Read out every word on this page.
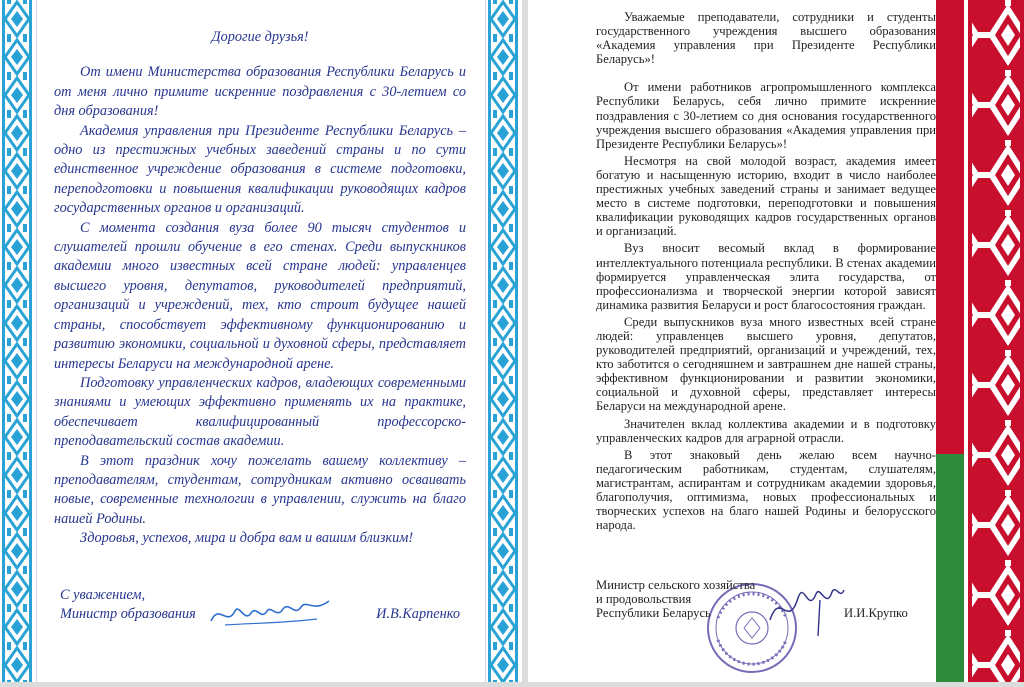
Дорогие друзья!

От имени Министерства образования Республики Беларусь и от меня лично примите искренние поздравления с 30-летием со дня образования!

Академия управления при Президенте Республики Беларусь – одно из престижных учебных заведений страны и по сути единственное учреждение образования в системе подготовки, переподготовки и повышения квалификации руководящих кадров государственных органов и организаций.

С момента создания вуза более 90 тысяч студентов и слушателей прошли обучение в его стенах. Среди выпускников академии много известных всей стране людей: управленцев высшего уровня, депутатов, руководителей предприятий, организаций и учреждений, тех, кто строит будущее нашей страны, способствует эффективному функционированию и развитию экономики, социальной и духовной сферы, представляет интересы Беларуси на международной арене.

Подготовку управленческих кадров, владеющих современными знаниями и умеющих эффективно применять их на практике, обеспечивает квалифицированный профессорско-преподавательский состав академии.

В этот праздник хочу пожелать вашему коллективу – преподавателям, студентам, сотрудникам активно осваивать новые, современные технологии в управлении, служить на благо нашей Родины.

Здоровья, успехов, мира и добра вам и вашим близким!

С уважением,
Министр образования	И.В.Карпенко

Уважаемые преподаватели, сотрудники и студенты государственного учреждения высшего образования «Академия управления при Президенте Республики Беларусь»!

От имени работников агропромышленного комплекса Республики Беларусь, себя лично примите искренние поздравления с 30-летием со дня основания государственного учреждения высшего образования «Академия управления при Президенте Республики Беларусь»!

Несмотря на свой молодой возраст, академия имеет богатую и насыщенную историю, входит в число наиболее престижных учебных заведений страны и занимает ведущее место в системе подготовки, переподготовки и повышения квалификации руководящих кадров государственных органов и организаций.

Вуз вносит весомый вклад в формирование интеллектуального потенциала республики. В стенах академии формируется управленческая элита государства, от профессионализма и творческой энергии которой зависят динамика развития Беларуси и рост благосостояния граждан.

Среди выпускников вуза много известных всей стране людей: управленцев высшего уровня, депутатов, руководителей предприятий, организаций и учреждений, тех, кто заботится о сегодняшнем и завтрашнем дне нашей страны, эффективном функционировании и развитии экономики, социальной и духовной сферы, представляет интересы Беларуси на международной арене.

Значителен вклад коллектива академии и в подготовку управленческих кадров для аграрной отрасли.

В этот знаковый день желаю всем научно-педагогическим работникам, студентам, слушателям, магистрантам, аспирантам и сотрудникам академии здоровья, благополучия, оптимизма, новых профессиональных и творческих успехов на благо нашей Родины и белорусского народа.

Министр сельского хозяйства
и продовольствия
Республики Беларусь	И.И.Крупко
